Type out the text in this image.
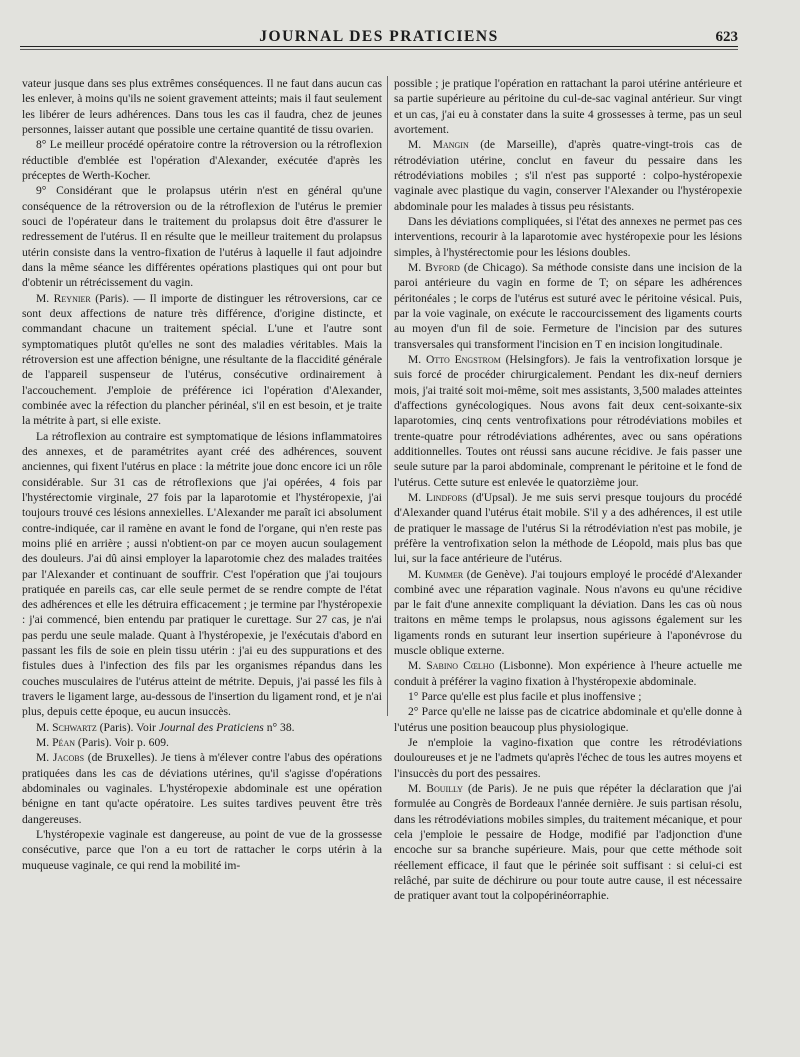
JOURNAL DES PRATICIENS	623

vateur jusque dans ses plus extrêmes conséquences. Il ne faut dans aucun cas les enlever, à moins qu'ils ne soient gravement atteints; mais il faut seulement les libérer de leurs adhérences. Dans tous les cas il faudra, chez de jeunes personnes, laisser autant que possible une certaine quantité de tissu ovarien.

8° Le meilleur procédé opératoire contre la rétroversion ou la rétroflexion réductible d'emblée est l'opération d'Alexander, exécutée d'après les préceptes de Werth-Kocher.

9° Considérant que le prolapsus utérin n'est en général qu'une conséquence de la rétroversion ou de la rétroflexion de l'utérus le premier souci de l'opérateur dans le traitement du prolapsus doit être d'assurer le redressement de l'utérus. Il en résulte que le meilleur traitement du prolapsus utérin consiste dans la ventro-fixation de l'utérus à laquelle il faut adjoindre dans la même séance les différentes opérations plastiques qui ont pour but d'obtenir un rétrécissement du vagin.

M. Reynier (Paris). — Il importe de distinguer les rétroversions, car ce sont deux affections de nature très différence, d'origine distincte, et commandant chacune un traitement spécial. L'une et l'autre sont symptomatiques plutôt qu'elles ne sont des maladies véritables. Mais la rétroversion est une affection bénigne, une résultante de la flaccidité générale de l'appareil suspenseur de l'utérus, consécutive ordinairement à l'accouchement. J'emploie de préférence ici l'opération d'Alexander, combinée avec la réfection du plancher périnéal, s'il en est besoin, et je traite la métrite à part, si elle existe.

La rétroflexion au contraire est symptomatique de lésions inflammatoires des annexes, et de paramétrites ayant créé des adhérences, souvent anciennes, qui fixent l'utérus en place : la métrite joue donc encore ici un rôle considérable. Sur 31 cas de rétroflexions que j'ai opérées, 4 fois par l'hystérectomie virginale, 27 fois par la laparotomie et l'hystéropexie, j'ai toujours trouvé ces lésions annexielles. L'Alexander me paraît ici absolument contre-indiquée, car il ramène en avant le fond de l'organe, qui n'en reste pas moins plié en arrière ; aussi n'obtient-on par ce moyen aucun soulagement des douleurs. J'ai dû ainsi employer la laparotomie chez des malades traitées par l'Alexander et continuant de souffrir. C'est l'opération que j'ai toujours pratiquée en pareils cas, car elle seule permet de se rendre compte de l'état des adhérences et elle les détruira efficacement ; je termine par l'hystéropexie : j'ai commencé, bien entendu par pratiquer le curettage. Sur 27 cas, je n'ai pas perdu une seule malade. Quant à l'hystéropexie, je l'exécutais d'abord en passant les fils de soie en plein tissu utérin : j'ai eu des suppurations et des fistules dues à l'infection des fils par les organismes répandus dans les couches musculaires de l'utérus atteint de métrite. Depuis, j'ai passé les fils à travers le ligament large, au-dessous de l'insertion du ligament rond, et je n'ai plus, depuis cette époque, eu aucun insuccès.

M. Schwartz (Paris). Voir Journal des Praticiens n° 38.

M. Péan (Paris). Voir p. 609.

M. Jacobs (de Bruxelles). Je tiens à m'élever contre l'abus des opérations pratiquées dans les cas de déviations utérines, qu'il s'agisse d'opérations abdominales ou vaginales. L'hystéropexie abdominale est une opération bénigne en tant qu'acte opératoire. Les suites tardives peuvent être très dangereuses.

L'hystéropexie vaginale est dangereuse, au point de vue de la grossesse consécutive, parce que l'on a eu tort de rattacher le corps utérin à la muqueuse vaginale, ce qui rend la mobilité im-

possible ; je pratique l'opération en rattachant la paroi utérine antérieure et sa partie supérieure au péritoine du cul-de-sac vaginal antérieur. Sur vingt et un cas, j'ai eu à constater dans la suite 4 grossesses à terme, pas un seul avortement.

M. Mangin (de Marseille), d'après quatre-vingt-trois cas de rétrodéviation utérine, conclut en faveur du pessaire dans les rétrodéviations mobiles ; s'il n'est pas supporté : colpo-hystéropexie vaginale avec plastique du vagin, conserver l'Alexander ou l'hystéropexie abdominale pour les malades à tissus peu résistants.

Dans les déviations compliquées, si l'état des annexes ne permet pas ces interventions, recourir à la laparotomie avec hystéropexie pour les lésions simples, à l'hystérectomie pour les lésions doubles.

M. Byford (de Chicago). Sa méthode consiste dans une incision de la paroi antérieure du vagin en forme de T; on sépare les adhérences péritonéales ; le corps de l'utérus est suturé avec le péritoine vésical. Puis, par la voie vaginale, on exécute le raccourcissement des ligaments courts au moyen d'un fil de soie. Fermeture de l'incision par des sutures transversales qui transforment l'incision en T en incision longitudinale.

M. Otto Engstrom (Helsingfors). Je fais la ventrofixation lorsque je suis forcé de procéder chirurgicalement. Pendant les dix-neuf derniers mois, j'ai traité soit moi-même, soit mes assistants, 3,500 malades atteintes d'affections gynécologiques. Nous avons fait deux cent-soixante-six laparotomies, cinq cents ventrofixations pour rétrodéviations mobiles et trente-quatre pour rétrodéviations adhérentes, avec ou sans opérations additionnelles. Toutes ont réussi sans aucune récidive. Je fais passer une seule suture par la paroi abdominale, comprenant le péritoine et le fond de l'utérus. Cette suture est enlevée le quatorzième jour.

M. Lindfors (d'Upsal). Je me suis servi presque toujours du procédé d'Alexander quand l'utérus était mobile. S'il y a des adhérences, il est utile de pratiquer le massage de l'utérus Si la rétrodéviation n'est pas mobile, je préfère la ventrofixation selon la méthode de Léopold, mais plus bas que lui, sur la face antérieure de l'utérus.

M. Kummer (de Genève). J'ai toujours employé le procédé d'Alexander combiné avec une réparation vaginale. Nous n'avons eu qu'une récidive par le fait d'une annexite compliquant la déviation. Dans les cas où nous traitons en même temps le prolapsus, nous agissons également sur les ligaments ronds en suturant leur insertion supérieure à l'aponévrose du muscle oblique externe.

M. Sabino Cœlho (Lisbonne). Mon expérience à l'heure actuelle me conduit à préférer la vagino fixation à l'hystéropexie abdominale.

1° Parce qu'elle est plus facile et plus inoffensive ;

2° Parce qu'elle ne laisse pas de cicatrice abdominale et qu'elle donne à l'utérus une position beaucoup plus physiologique.

Je n'emploie la vagino-fixation que contre les rétrodéviations douloureuses et je ne l'admets qu'après l'échec de tous les autres moyens et l'insuccès du port des pessaires.

M. Bouilly (de Paris). Je ne puis que répéter la déclaration que j'ai formulée au Congrès de Bordeaux l'année dernière. Je suis partisan résolu, dans les rétrodéviations mobiles simples, du traitement mécanique, et pour cela j'emploie le pessaire de Hodge, modifié par l'adjonction d'une encoche sur sa branche supérieure. Mais, pour que cette méthode soit réellement efficace, il faut que le périnée soit suffisant : si celui-ci est relâché, par suite de déchirure ou pour toute autre cause, il est nécessaire de pratiquer avant tout la colpopérinéorraphie.
